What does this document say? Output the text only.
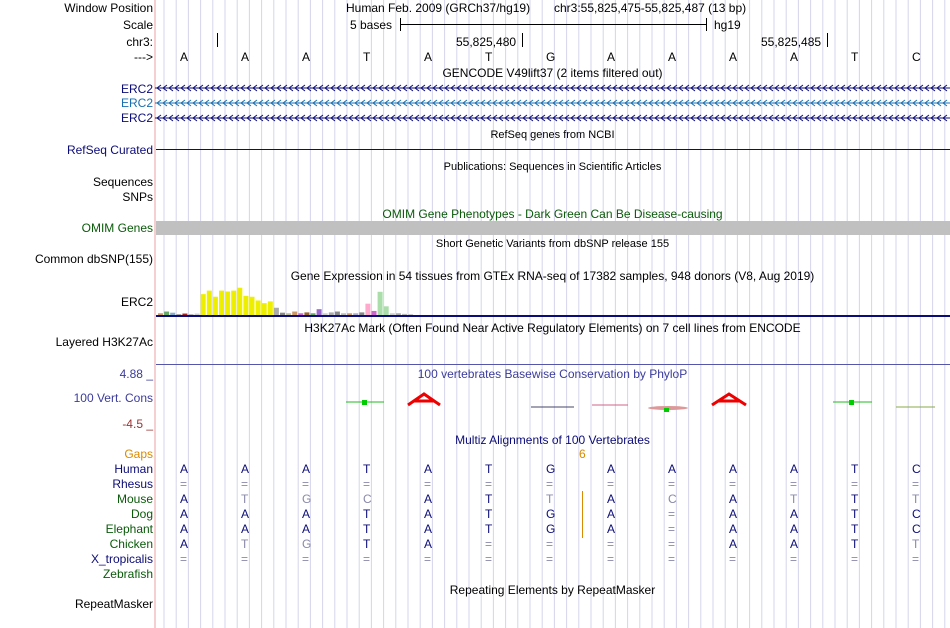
Window Position	Human Feb. 2009 (GRCh37/hg19) chr3:55,825,475-55,825,487 (13 bp)
Scale	5 bases	hg19
chr3:	55,825,480	55,825,485
---> A	A	A	T	A	T	G	A	A	A	A	T	C
GENCODE V49lift37 (2 items filtered out)
ERC2
ERC2
ERC2
RefSeq genes from NCBI
RefSeq Curated
Publications: Sequences in Scientific Articles
Sequences
SNPs
OMIM Gene Phenotypes - Dark Green Can Be Disease-causing
OMIM Genes
Short Genetic Variants from dbSNP release 155
Common dbSNP(155)
Gene Expression in 54 tissues from GTEx RNA-seq of 17382 samples, 948 donors (V8, Aug 2019)
ERC2
H3K27Ac Mark (Often Found Near Active Regulatory Elements) on 7 cell lines from ENCODE
Layered H3K27Ac
100 vertebrates Basewise Conservation by PhyloP
4.88 _
100 Vert. Cons
-4.5 _
Multiz Alignments of 100 Vertebrates
Gaps	6
Human A	A	A	T	A	T	G	A	A	A	A	T	C
Rhesus =	=	=	=	=	=	=	=	=	=	=	=	=
Mouse A	T	G	C	A	T	T	A	C	A	T	T	T
Dog A	A	A	T	A	T	G	A	=	A	A	T	C
Elephant A	A	A	T	A	T	G	A	=	A	A	T	C
Chicken A	T	G	T	A	=	=	=	=	A	A	T	T
X_tropicalis =	=	=	=	=	=	=	=	=	=	=	=	=
Zebrafish
Repeating Elements by RepeatMasker
RepeatMasker
